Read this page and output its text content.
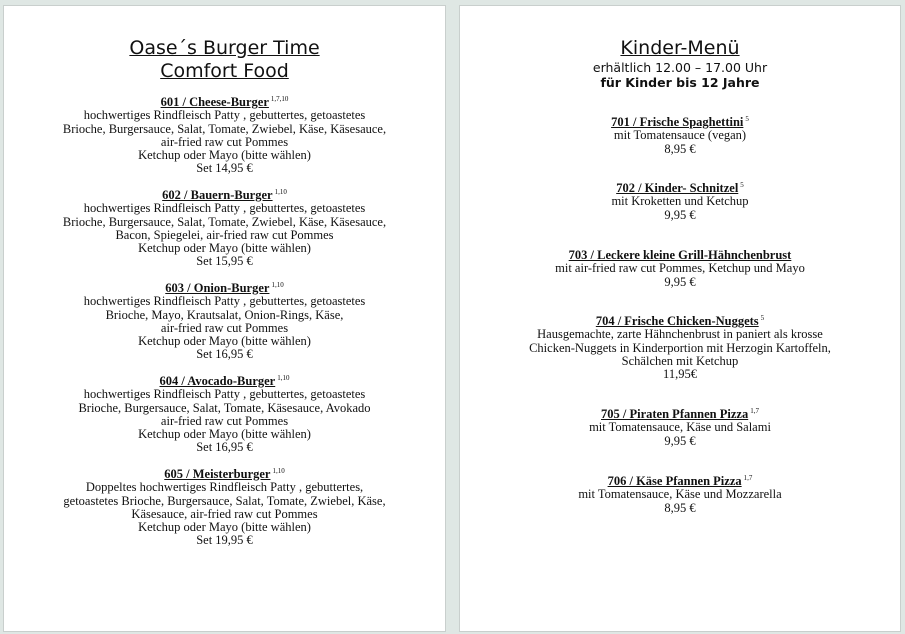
Oase´s Burger Time
Comfort Food
601 / Cheese-Burger $^{1,7,10}$
hochwertiges Rindfleisch Patty , gebuttertes, getoastetes
Brioche, Burgersauce, Salat, Tomate, Zwiebel, Käse, Käsesauce,
air-fried raw cut Pommes
Ketchup oder Mayo (bitte wählen)
Set 14,95 €
602 / Bauern-Burger $^{1,10}$
hochwertiges Rindfleisch Patty , gebuttertes, getoastetes
Brioche, Burgersauce, Salat, Tomate, Zwiebel, Käse, Käsesauce,
Bacon, Spiegelei, air-fried raw cut Pommes
Ketchup oder Mayo (bitte wählen)
Set 15,95 €
603 / Onion-Burger $^{1,10}$
hochwertiges Rindfleisch Patty , gebuttertes, getoastetes
Brioche, Mayo, Krautsalat, Onion-Rings, Käse,
air-fried raw cut Pommes
Ketchup oder Mayo (bitte wählen)
Set 16,95 €
604 / Avocado-Burger $^{1,10}$
hochwertiges Rindfleisch Patty , gebuttertes, getoastetes
Brioche, Burgersauce, Salat, Tomate, Käsesauce, Avokado
air-fried raw cut Pommes
Ketchup oder Mayo (bitte wählen)
Set 16,95 €
605 / Meisterburger $^{1,10}$
Doppeltes hochwertiges Rindfleisch Patty , gebuttertes,
getoastetes Brioche, Burgersauce, Salat, Tomate, Zwiebel, Käse,
Käsesauce, air-fried raw cut Pommes
Ketchup oder Mayo (bitte wählen)
Set 19,95 €
Kinder-Menü
erhältlich 12.00 – 17.00 Uhr
für Kinder bis 12 Jahre
701 / Frische Spaghettini $^5$
mit Tomatensauce (vegan)
8,95 €
702 / Kinder- Schnitzel $^5$
mit Kroketten und Ketchup
9,95 €
703 / Leckere kleine Grill-Hähnchenbrust
mit air-fried raw cut Pommes, Ketchup und Mayo
9,95 €
704 / Frische Chicken-Nuggets $^5$
Hausgemachte, zarte Hähnchenbrust in paniert als krosse
Chicken-Nuggets in Kinderportion mit Herzogin Kartoffeln,
Schälchen mit Ketchup
11,95€
705 / Piraten Pfannen Pizza $^{1,7}$
mit Tomatensauce, Käse und Salami
9,95 €
706 / Käse Pfannen Pizza $^{1,7}$
mit Tomatensauce, Käse und Mozzarella
8,95 €
